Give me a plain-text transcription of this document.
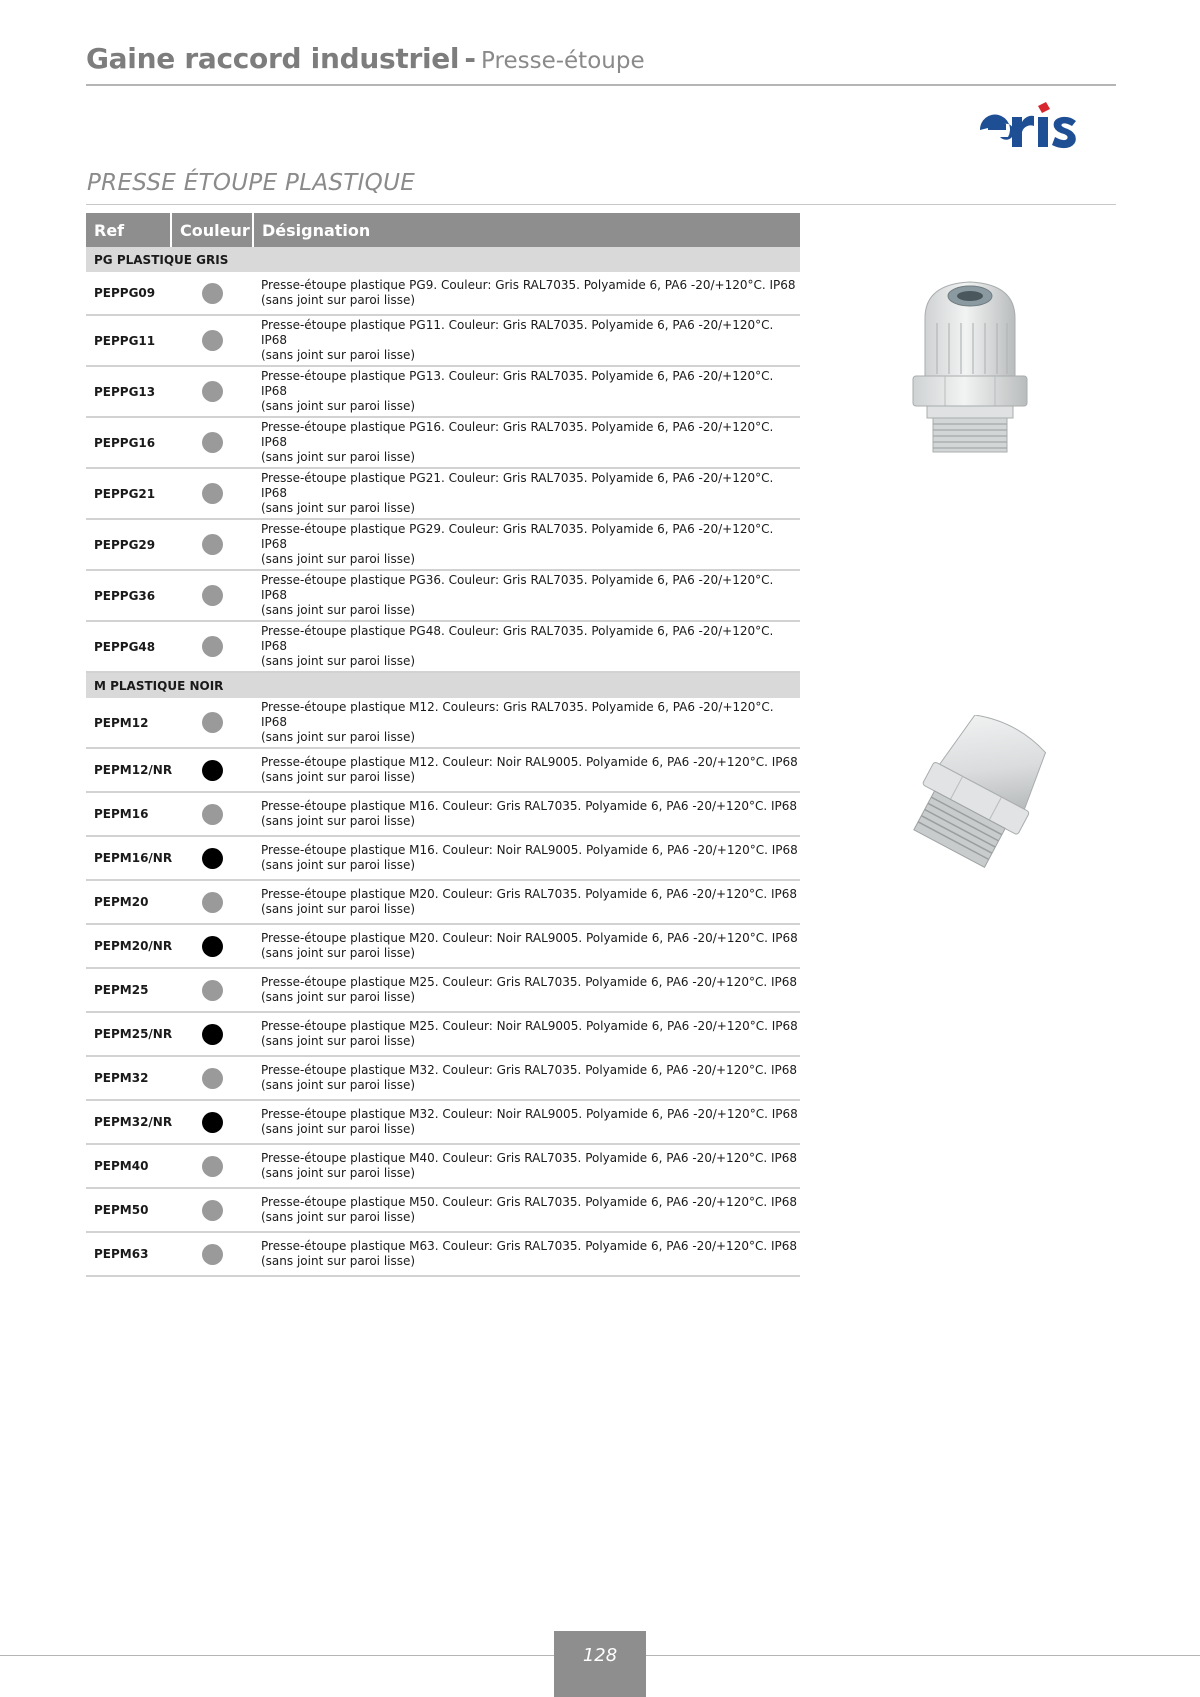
Gaine raccord industriel - Presse-étoupe
PRESSE ÉTOUPE PLASTIQUE
Ref	Couleur	Désignation
PG PLASTIQUE GRIS		
PEPPG09		Presse-étoupe plastique PG9. Couleur: Gris RAL7035. Polyamide 6, PA6 -20/+120°C. IP68
(sans joint sur paroi lisse)

PEPPG11		Presse-étoupe plastique PG11. Couleur: Gris RAL7035. Polyamide 6, PA6 -20/+120°C. IP68
(sans joint sur paroi lisse)

PEPPG13		Presse-étoupe plastique PG13. Couleur: Gris RAL7035. Polyamide 6, PA6 -20/+120°C. IP68
(sans joint sur paroi lisse)

PEPPG16		Presse-étoupe plastique PG16. Couleur: Gris RAL7035. Polyamide 6, PA6 -20/+120°C. IP68
(sans joint sur paroi lisse)

PEPPG21		Presse-étoupe plastique PG21. Couleur: Gris RAL7035. Polyamide 6, PA6 -20/+120°C. IP68
(sans joint sur paroi lisse)

PEPPG29		Presse-étoupe plastique PG29. Couleur: Gris RAL7035. Polyamide 6, PA6 -20/+120°C. IP68
(sans joint sur paroi lisse)

PEPPG36		Presse-étoupe plastique PG36. Couleur: Gris RAL7035. Polyamide 6, PA6 -20/+120°C. IP68
(sans joint sur paroi lisse)

PEPPG48		Presse-étoupe plastique PG48. Couleur: Gris RAL7035. Polyamide 6, PA6 -20/+120°C. IP68
(sans joint sur paroi lisse)

M PLASTIQUE NOIR		
PEPM12		Presse-étoupe plastique M12. Couleurs: Gris RAL7035. Polyamide 6, PA6 -20/+120°C. IP68
(sans joint sur paroi lisse)

PEPM12/NR		Presse-étoupe plastique M12. Couleur: Noir RAL9005. Polyamide 6, PA6 -20/+120°C. IP68
(sans joint sur paroi lisse)

PEPM16		Presse-étoupe plastique M16. Couleur: Gris RAL7035. Polyamide 6, PA6 -20/+120°C. IP68
(sans joint sur paroi lisse)

PEPM16/NR		Presse-étoupe plastique M16. Couleur: Noir RAL9005. Polyamide 6, PA6 -20/+120°C. IP68
(sans joint sur paroi lisse)

PEPM20		Presse-étoupe plastique M20. Couleur: Gris RAL7035. Polyamide 6, PA6 -20/+120°C. IP68
(sans joint sur paroi lisse)

PEPM20/NR		Presse-étoupe plastique M20. Couleur: Noir RAL9005. Polyamide 6, PA6 -20/+120°C. IP68
(sans joint sur paroi lisse)

PEPM25		Presse-étoupe plastique M25. Couleur: Gris RAL7035. Polyamide 6, PA6 -20/+120°C. IP68
(sans joint sur paroi lisse)

PEPM25/NR		Presse-étoupe plastique M25. Couleur: Noir RAL9005. Polyamide 6, PA6 -20/+120°C. IP68
(sans joint sur paroi lisse)

PEPM32		Presse-étoupe plastique M32. Couleur: Gris RAL7035. Polyamide 6, PA6 -20/+120°C. IP68
(sans joint sur paroi lisse)

PEPM32/NR		Presse-étoupe plastique M32. Couleur: Noir RAL9005. Polyamide 6, PA6 -20/+120°C. IP68
(sans joint sur paroi lisse)

PEPM40		Presse-étoupe plastique M40. Couleur: Gris RAL7035. Polyamide 6, PA6 -20/+120°C. IP68
(sans joint sur paroi lisse)

PEPM50		Presse-étoupe plastique M50. Couleur: Gris RAL7035. Polyamide 6, PA6 -20/+120°C. IP68
(sans joint sur paroi lisse)

PEPM63		Presse-étoupe plastique M63. Couleur: Gris RAL7035. Polyamide 6, PA6 -20/+120°C. IP68
(sans joint sur paroi lisse)
128
